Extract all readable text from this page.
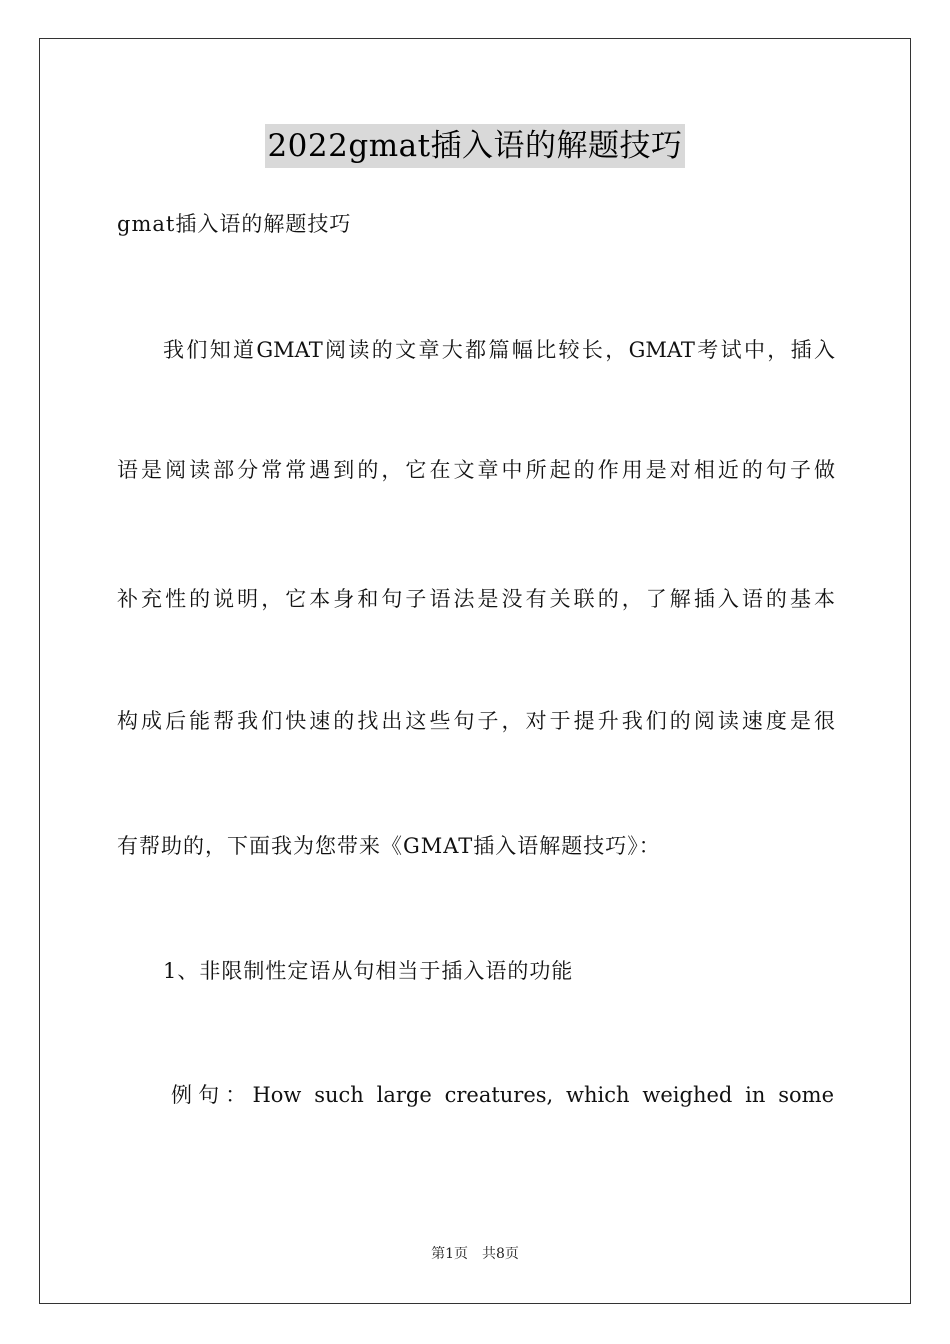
2022gmat插入语的解题技巧
gmat插入语的解题技巧
我们知道GMAT阅读的文章大都篇幅比较长，GMAT考试中，插入
语是阅读部分常常遇到的，它在文章中所起的作用是对相近的句子做
补充性的说明，它本身和句子语法是没有关联的，了解插入语的基本
构成后能帮我们快速的找出这些句子，对于提升我们的阅读速度是很
有帮助的，下面我为您带来《GMAT插入语解题技巧》：
1、非限制性定语从句相当于插入语的功能
例句：How such large creatures, which weighed in some
第1页 共8页
